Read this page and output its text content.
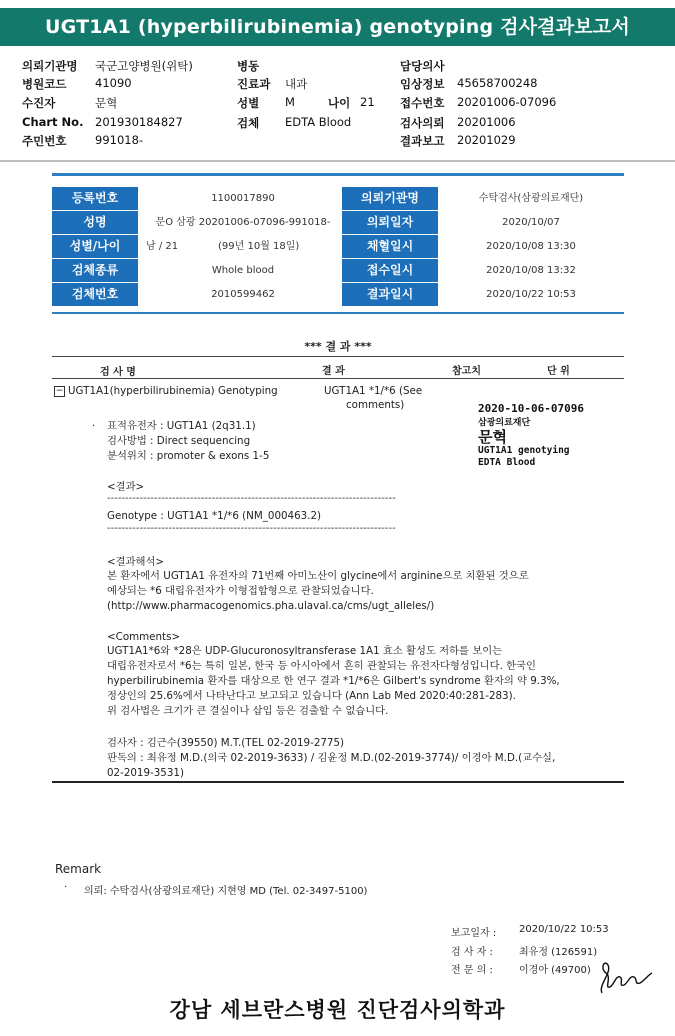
UGT1A1 (hyperbilirubinemia) genotyping 검사결과보고서
의뢰기관명 국군고양병원(위탁)	병동	담당의사
병원코드 41090	진료과 내과	임상정보 45658700248
수진자	문혁	성별 M	나이 21 접수번호 20201006-07096
Chart No. 201930184827	검체 EDTA Blood	검사의뢰 20201006
주민번호 991018-	결과보고 20201029
등록번호	1100017890	의뢰기관명	수탁검사(삼광의료재단)
성명	문O 삼광 20201006-07096-991018-	의뢰일자	2020/10/07
성별/나이	남 / 21	(99년 10월 18일)	채혈일시	2020/10/08 13:30
검체종류	Whole blood	접수일시	2020/10/08 13:32
검체번호	2010599462	결과일시	2020/10/22 10:53
*** 결 과 ***
검 사 명	결 과	참고치	단 위
− UGT1A1(hyperbilirubinemia) Genotyping	UGT1A1 *1/*6 (See
comments)	2020-10-06-07096
삼광의료재단
문혁
UGT1A1 genotying
EDTA Blood
· 표적유전자 : UGT1A1 (2q31.1)
검사방법 : Direct sequencing
분석위치 : promoter & exons 1-5
<결과>
--------------------------------------------------------------------------------
Genotype : UGT1A1 *1/*6 (NM_000463.2)
--------------------------------------------------------------------------------
<결과해석>
본 환자에서 UGT1A1 유전자의 71번째 아미노산이 glycine에서 arginine으로 치환된 것으로
예상되는 *6 대립유전자가 이형접합형으로 관찰되었습니다.
(http://www.pharmacogenomics.pha.ulaval.ca/cms/ugt_alleles/)
<Comments>
UGT1A1*6와 *28은 UDP-Glucuronosyltransferase 1A1 효소 활성도 저하를 보이는
대립유전자로서 *6는 특히 일본, 한국 등 아시아에서 흔히 관찰되는 유전자다형성입니다. 한국인
hyperbilirubinemia 환자를 대상으로 한 연구 결과 *1/*6은 Gilbert's syndrome 환자의 약 9.3%,
정상인의 25.6%에서 나타난다고 보고되고 있습니다 (Ann Lab Med 2020:40:281-283).
위 검사법은 크기가 큰 결실이나 삽입 등은 검출할 수 없습니다.
검사자 : 김근수(39550) M.T.(TEL 02-2019-2775)
판독의 : 최유정 M.D.(의국 02-2019-3633) / 김윤정 M.D.(02-2019-3774)/ 이경아 M.D.(교수실,
02-2019-3531)
Remark
· 의뢰: 수탁검사(삼광의료재단) 지현영 MD (Tel. 02-3497-5100)
보고일자 : 2020/10/22 10:53
검 사 자 :	최유정 (126591)
전 문 의 :	이경아 (49700)
강남 세브란스병원 진단검사의학과
